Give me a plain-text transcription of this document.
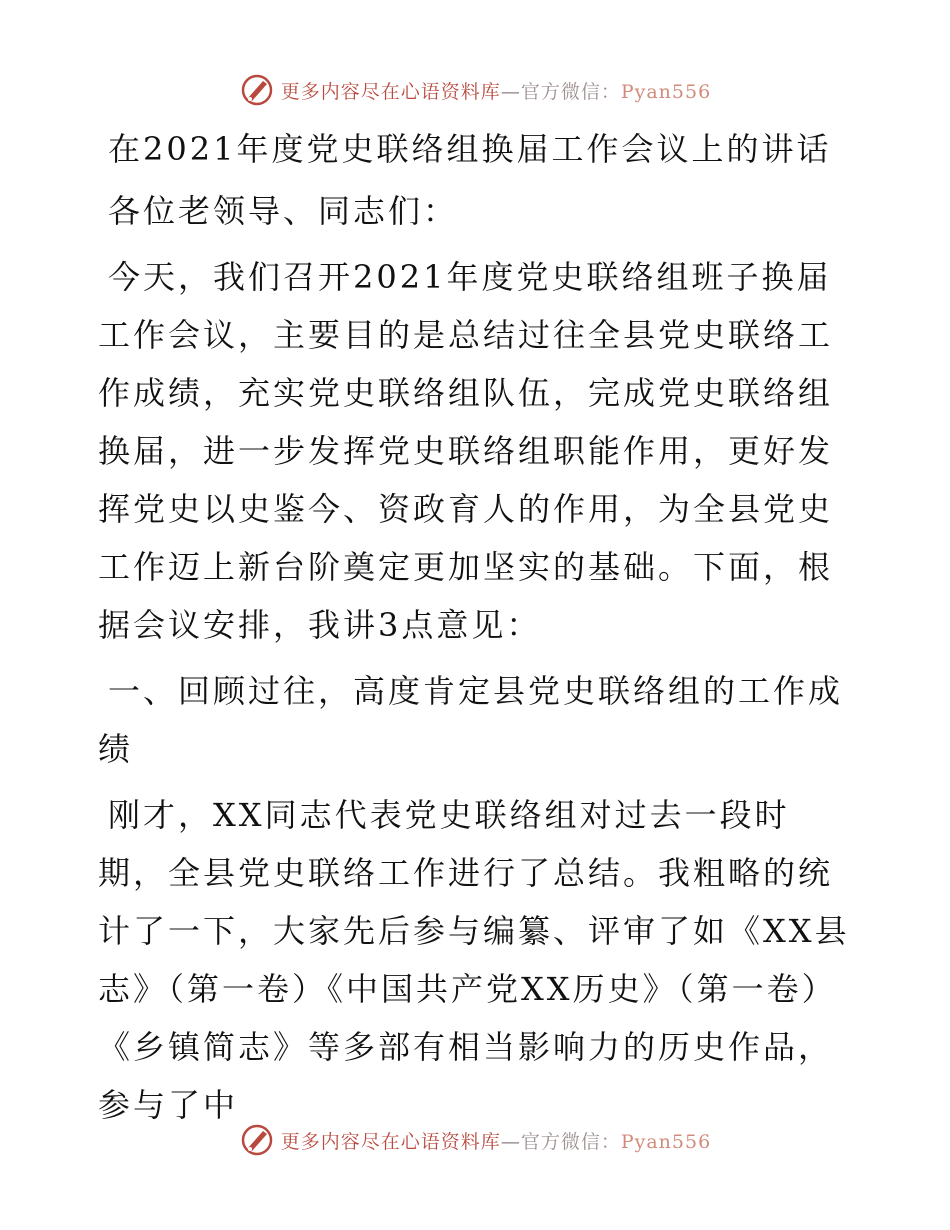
更多内容尽在心语资料库—官方微信：Pyan556

在2021年度党史联络组换届工作会议上的讲话

各位老领导、同志们：

今天，我们召开2021年度党史联络组班子换届工作会议，主要目的是总结过往全县党史联络工作成绩，充实党史联络组队伍，完成党史联络组换届，进一步发挥党史联络组职能作用，更好发挥党史以史鉴今、资政育人的作用，为全县党史工作迈上新台阶奠定更加坚实的基础。下面，根据会议安排，我讲3点意见：

一、回顾过往，高度肯定县党史联络组的工作成绩

刚才，XX同志代表党史联络组对过去一段时期，全县党史联络工作进行了总结。我粗略的统计了一下，大家先后参与编纂、评审了如《XX县志》（第一卷）《中国共产党XX历史》（第一卷）《乡镇简志》等多部有相当影响力的历史作品，参与了中

更多内容尽在心语资料库—官方微信：Pyan556
